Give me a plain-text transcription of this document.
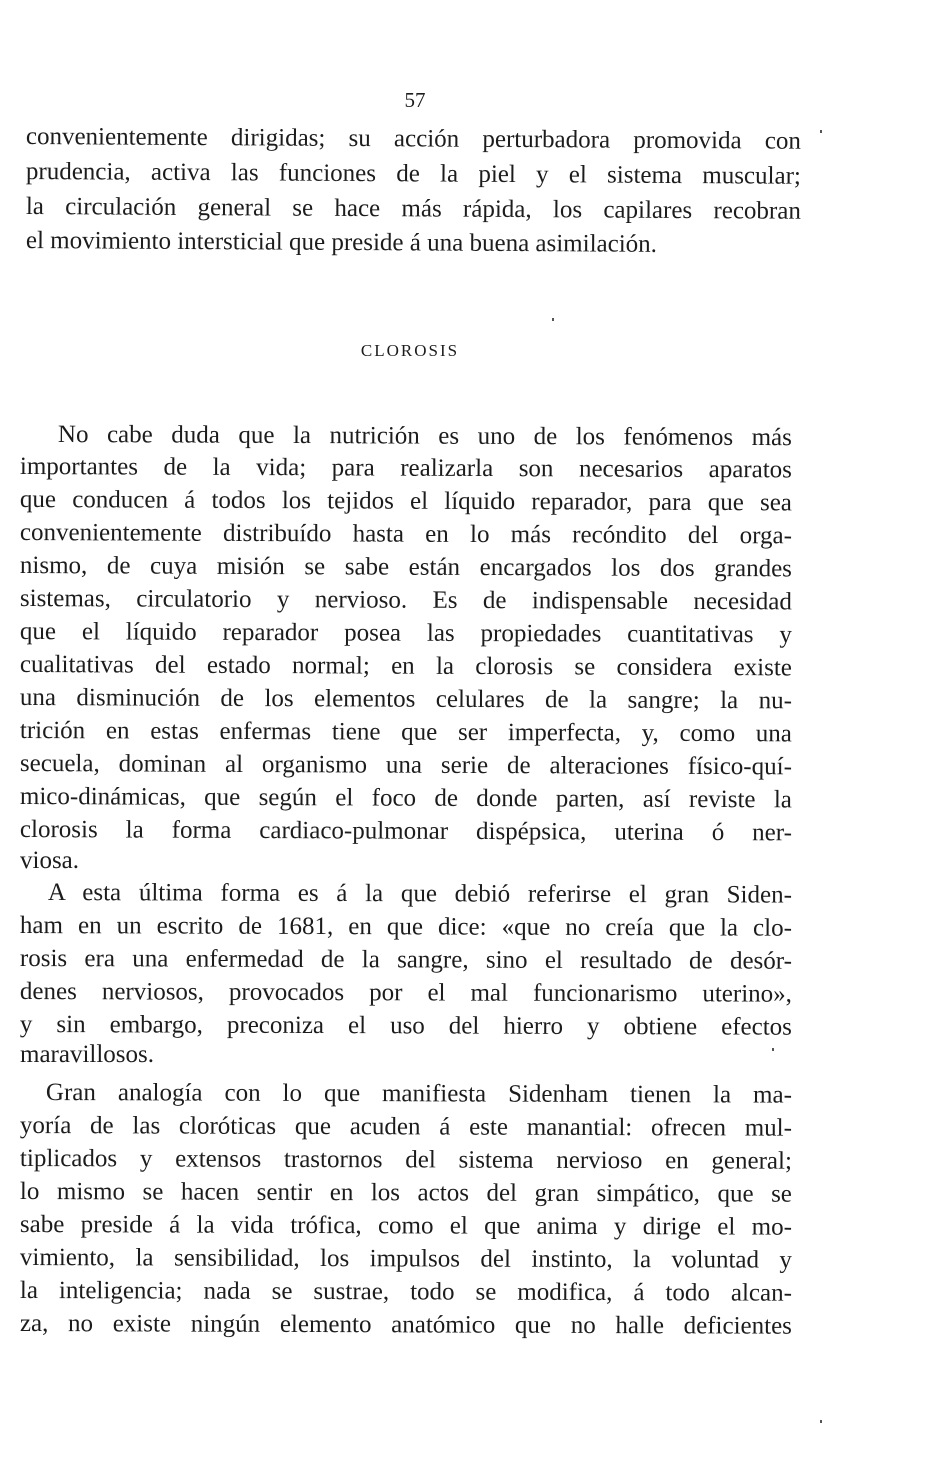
57

convenientemente dirigidas; su acción perturbadora promovida con

prudencia, activa las funciones de la piel y el sistema muscular;

la circulación general se hace más rápida, los capilares recobran

el movimiento intersticial que preside á una buena asimilación.

CLOROSIS

No cabe duda que la nutrición es uno de los fenómenos más

importantes de la vida; para realizarla son necesarios aparatos

que conducen á todos los tejidos el líquido reparador, para que sea

convenientemente distribuído hasta en lo más recóndito del orga-

nismo, de cuya misión se sabe están encargados los dos grandes

sistemas, circulatorio y nervioso. Es de indispensable necesidad

que el líquido reparador posea las propiedades cuantitativas y

cualitativas del estado normal; en la clorosis se considera existe

una disminución de los elementos celulares de la sangre; la nu-

trición en estas enfermas tiene que ser imperfecta, y, como una

secuela, dominan al organismo una serie de alteraciones físico-quí-

mico-dinámicas, que según el foco de donde parten, así reviste la

clorosis la forma cardiaco-pulmonar dispépsica, uterina ó ner-

viosa.

A esta última forma es á la que debió referirse el gran Siden-

ham en un escrito de 1681, en que dice: «que no creía que la clo-

rosis era una enfermedad de la sangre, sino el resultado de desór-

denes nerviosos, provocados por el mal funcionarismo uterino»,

y sin embargo, preconiza el uso del hierro y obtiene efectos

maravillosos.

Gran analogía con lo que manifiesta Sidenham tienen la ma-

yoría de las cloróticas que acuden á este manantial: ofrecen mul-

tiplicados y extensos trastornos del sistema nervioso en general;

lo mismo se hacen sentir en los actos del gran simpático, que se

sabe preside á la vida trófica, como el que anima y dirige el mo-

vimiento, la sensibilidad, los impulsos del instinto, la voluntad y

la inteligencia; nada se sustrae, todo se modifica, á todo alcan-

za, no existe ningún elemento anatómico que no halle deficientes
